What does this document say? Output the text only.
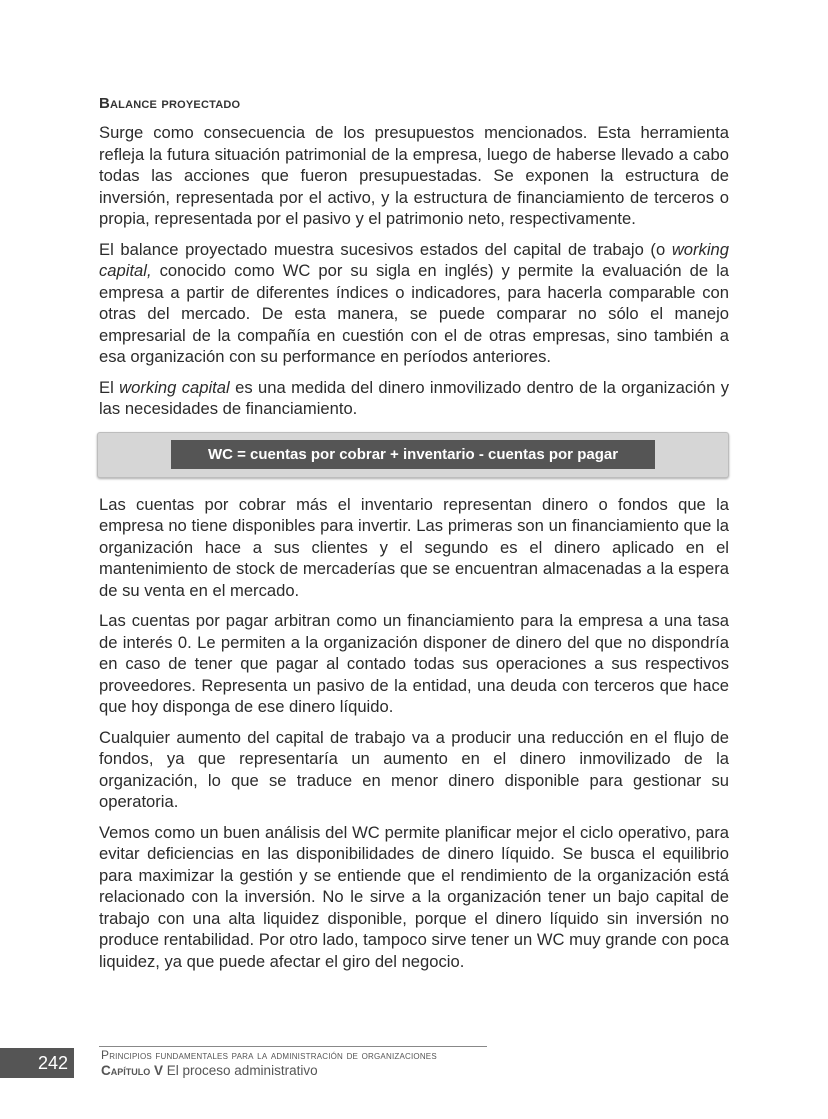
Balance proyectado

Surge como consecuencia de los presupuestos mencionados. Esta herramienta refleja la futura situación patrimonial de la empresa, luego de haberse llevado a cabo todas las acciones que fueron presupuestadas. Se exponen la estructura de inversión, representada por el activo, y la estructura de financiamiento de terceros o propia, representada por el pasivo y el patrimonio neto, respectivamente.

El balance proyectado muestra sucesivos estados del capital de trabajo (o working capital, conocido como WC por su sigla en inglés) y permite la evaluación de la empresa a partir de diferentes índices o indicadores, para hacerla comparable con otras del mercado. De esta manera, se puede comparar no sólo el manejo empresarial de la compañía en cuestión con el de otras empresas, sino también a esa organización con su performance en períodos anteriores.

El working capital es una medida del dinero inmovilizado dentro de la organización y las necesidades de financiamiento.

WC = cuentas por cobrar + inventario - cuentas por pagar

Las cuentas por cobrar más el inventario representan dinero o fondos que la empresa no tiene disponibles para invertir. Las primeras son un financiamiento que la organización hace a sus clientes y el segundo es el dinero aplicado en el mantenimiento de stock de mercaderías que se encuentran almacenadas a la espera de su venta en el mercado.

Las cuentas por pagar arbitran como un financiamiento para la empresa a una tasa de interés 0. Le permiten a la organización disponer de dinero del que no dispondría en caso de tener que pagar al contado todas sus operaciones a sus respectivos proveedores. Representa un pasivo de la entidad, una deuda con terceros que hace que hoy disponga de ese dinero líquido.

Cualquier aumento del capital de trabajo va a producir una reducción en el flujo de fondos, ya que representaría un aumento en el dinero inmovilizado de la organización, lo que se traduce en menor dinero disponible para gestionar su operatoria.

Vemos como un buen análisis del WC permite planificar mejor el ciclo operativo, para evitar deficiencias en las disponibilidades de dinero líquido. Se busca el equilibrio para maximizar la gestión y se entiende que el rendimiento de la organización está relacionado con la inversión. No le sirve a la organización tener un bajo capital de trabajo con una alta liquidez disponible, porque el dinero líquido sin inversión no produce rentabilidad. Por otro lado, tampoco sirve tener un WC muy grande con poca liquidez, ya que puede afectar el giro del negocio.

242	Principios fundamentales para la administración de organizaciones
Capítulo V El proceso administrativo
